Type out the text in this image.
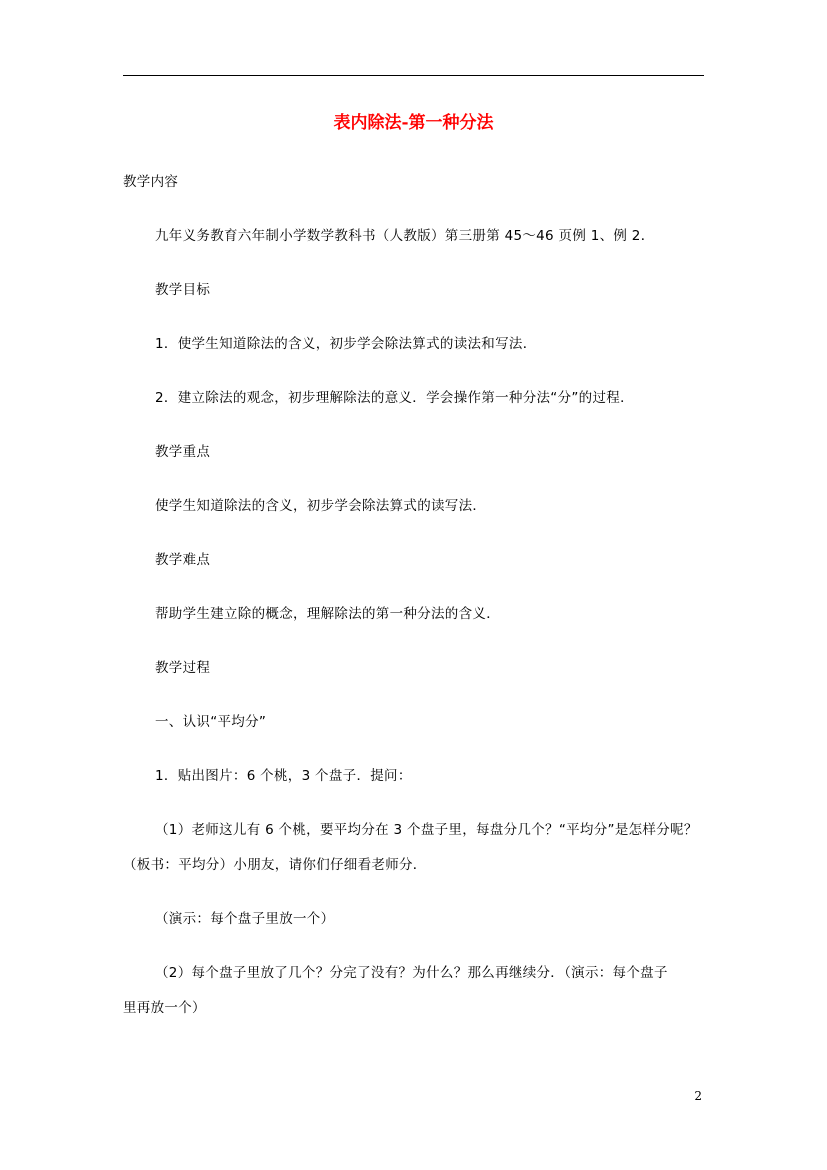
表内除法-第一种分法
教学内容
九年义务教育六年制小学数学教科书（人教版）第三册第 45～46 页例 1、例 2．
教学目标
1．使学生知道除法的含义，初步学会除法算式的读法和写法．
2．建立除法的观念，初步理解除法的意义．学会操作第一种分法“分”的过程．
教学重点
使学生知道除法的含义，初步学会除法算式的读写法．
教学难点
帮助学生建立除的概念，理解除法的第一种分法的含义．
教学过程
一、认识“平均分”
1．贴出图片：6 个桃，3 个盘子．提问：
（1）老师这儿有 6 个桃，要平均分在 3 个盘子里，每盘分几个？“平均分”是怎样分呢？
（板书：平均分）小朋友，请你们仔细看老师分．
（演示：每个盘子里放一个）
（2）每个盘子里放了几个？分完了没有？为什么？那么再继续分．（演示：每个盘子
里再放一个）
2
